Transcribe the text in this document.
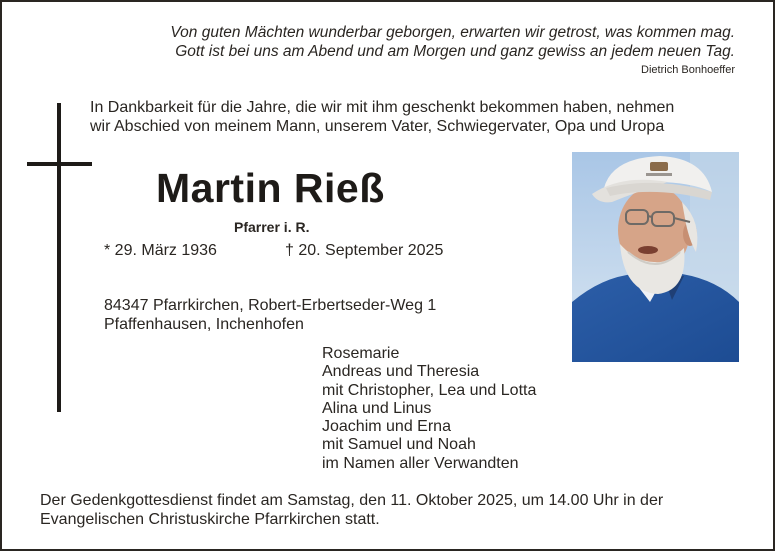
Von guten Mächten wunderbar geborgen, erwarten wir getrost, was kommen mag.
Gott ist bei uns am Abend und am Morgen und ganz gewiss an jedem neuen Tag.
Dietrich Bonhoeffer
In Dankbarkeit für die Jahre, die wir mit ihm geschenkt bekommen haben, nehmen
wir Abschied von meinem Mann, unserem Vater, Schwiegervater, Opa und Uropa
Martin Rieß
Pfarrer i. R.
* 29. März 1936	† 20. September 2025
84347 Pfarrkirchen, Robert-Erbertseder-Weg 1
Pfaffenhausen, Inchenhofen
Rosemarie
Andreas und Theresia
mit Christopher, Lea und Lotta
Alina und Linus
Joachim und Erna
mit Samuel und Noah
im Namen aller Verwandten
Der Gedenkgottesdienst findet am Samstag, den 11. Oktober 2025, um 14.00 Uhr in der
Evangelischen Christuskirche Pfarrkirchen statt.
